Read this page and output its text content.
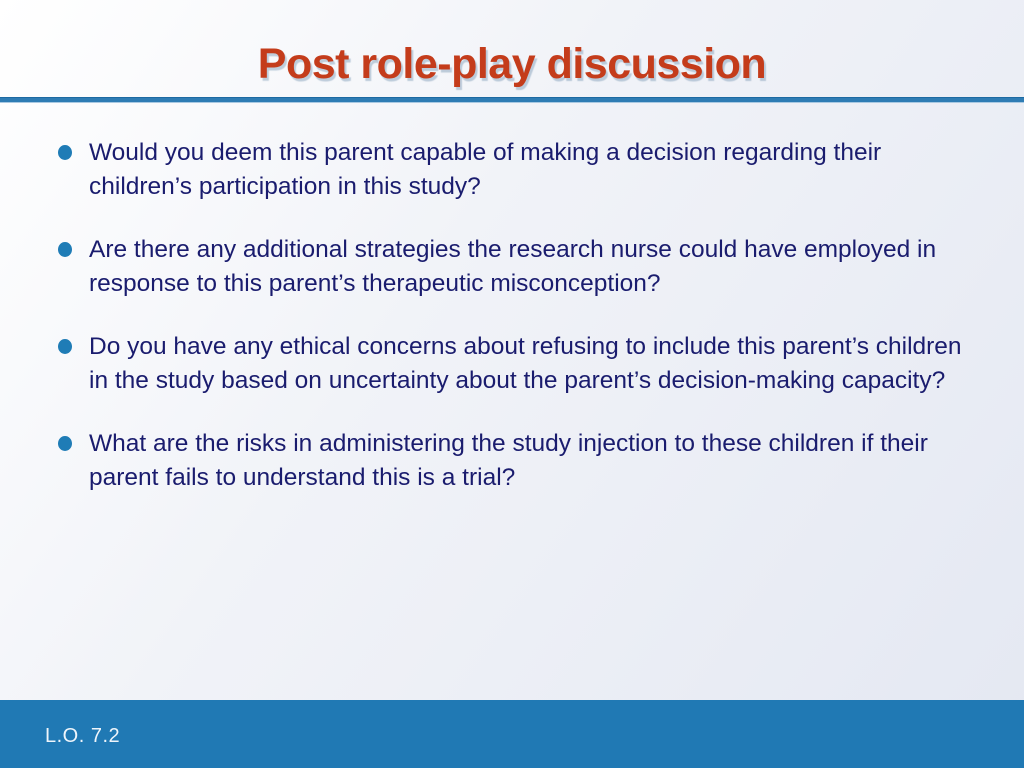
Post role-play discussion
Would you deem this parent capable of making a decision regarding their children’s participation in this study?
Are there any additional strategies the research nurse could have employed in response to this parent’s therapeutic misconception?
Do you have any ethical concerns about refusing to include this parent’s children in the study based on uncertainty about the parent’s decision-making capacity?
What are the risks in administering the study injection to these children if their parent fails to understand this is a trial?
L.O. 7.2
